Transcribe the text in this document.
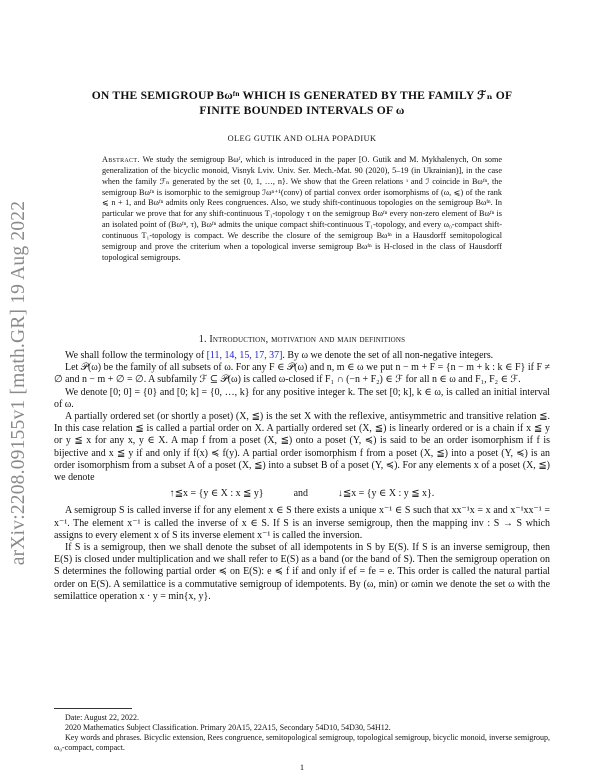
arXiv:2208.09155v1 [math.GR] 19 Aug 2022
ON THE SEMIGROUP Bωᶠⁿ WHICH IS GENERATED BY THE FAMILY ℱₙ OF
FINITE BOUNDED INTERVALS OF ω
OLEG GUTIK AND OLHA POPADIUK

Abstract. We study the semigroup Bωᶠ, which is introduced in the paper [O. Gutik and M. Mykhalenych, On some generalization of the bicyclic monoid, Visnyk Lviv. Univ. Ser. Mech.-Mat. 90 (2020), 5–19 (in Ukrainian)], in the case when the family ℱₙ generated by the set {0, 1, …, n}. We show that the Green relations ᶟ and ℐ coincide in Bωᶠⁿ, the semigroup Bωᶠⁿ is isomorphic to the semigroup ℐωⁿ⁺¹(conv) of partial convex order isomorphisms of (ω, ⩽) of the rank ⩽ n + 1, and Bωᶠⁿ admits only Rees congruences. Also, we study shift-continuous topologies on the semigroup Bωᶠⁿ. In particular we prove that for any shift-continuous T₁-topology τ on the semigroup Bωᶠⁿ every non-zero element of Bωᶠⁿ is an isolated point of (Bωᶠⁿ, τ), Bωᶠⁿ admits the unique compact shift-continuous T₁-topology, and every ω₀-compact shift-continuous T₁-topology is compact. We describe the closure of the semigroup Bωᶠⁿ in a Hausdorff semitopological semigroup and prove the criterium when a topological inverse semigroup Bωᶠⁿ is H-closed in the class of Hausdorff topological semigroups.

1. Introduction, motivation and main definitions

We shall follow the terminology of [11, 14, 15, 17, 37]. By ω we denote the set of all non-negative integers.

Let 𝒫(ω) be the family of all subsets of ω. For any F ∈ 𝒫(ω) and n, m ∈ ω we put n − m + F = {n − m + k : k ∈ F} if F ≠ ∅ and n − m + ∅ = ∅. A subfamily ℱ ⊆ 𝒫(ω) is called ω-closed if F₁ ∩ (−n + F₂) ∈ ℱ for all n ∈ ω and F₁, F₂ ∈ ℱ.

We denote [0; 0] = {0} and [0; k] = {0, …, k} for any positive integer k. The set [0; k], k ∈ ω, is called an initial interval of ω.

A partially ordered set (or shortly a poset) (X, ≦) is the set X with the reflexive, antisymmetric and transitive relation ≦. In this case relation ≦ is called a partial order on X. A partially ordered set (X, ≦) is linearly ordered or is a chain if x ≦ y or y ≦ x for any x, y ∈ X. A map f from a poset (X, ≦) onto a poset (Y, ≼) is said to be an order isomorphism if f is bijective and x ≦ y if and only if f(x) ≼ f(y). A partial order isomorphism f from a poset (X, ≦) into a poset (Y, ≼) is an order isomorphism from a subset A of a poset (X, ≦) into a subset B of a poset (Y, ≼). For any elements x of a poset (X, ≦) we denote

↑≦x = {y ∈ X : x ≦ y}	and	↓≦x = {y ∈ X : y ≦ x}.

A semigroup S is called inverse if for any element x ∈ S there exists a unique x⁻¹ ∈ S such that xx⁻¹x = x and x⁻¹xx⁻¹ = x⁻¹. The element x⁻¹ is called the inverse of x ∈ S. If S is an inverse semigroup, then the mapping inv : S → S which assigns to every element x of S its inverse element x⁻¹ is called the inversion.

If S is a semigroup, then we shall denote the subset of all idempotents in S by E(S). If S is an inverse semigroup, then E(S) is closed under multiplication and we shall refer to E(S) as a band (or the band of S). Then the semigroup operation on S determines the following partial order ≼ on E(S): e ≼ f if and only if ef = fe = e. This order is called the natural partial order on E(S). A semilattice is a commutative semigroup of idempotents. By (ω, min) or ωmin we denote the set ω with the semilattice operation x · y = min{x, y}.

Date: August 22, 2022.

2020 Mathematics Subject Classification. Primary 20A15, 22A15, Secondary 54D10, 54D30, 54H12.

Key words and phrases. Bicyclic extension, Rees congruence, semitopological semigroup, topological semigroup, bicyclic monoid, inverse semigroup, ω₀-compact, compact.

1
